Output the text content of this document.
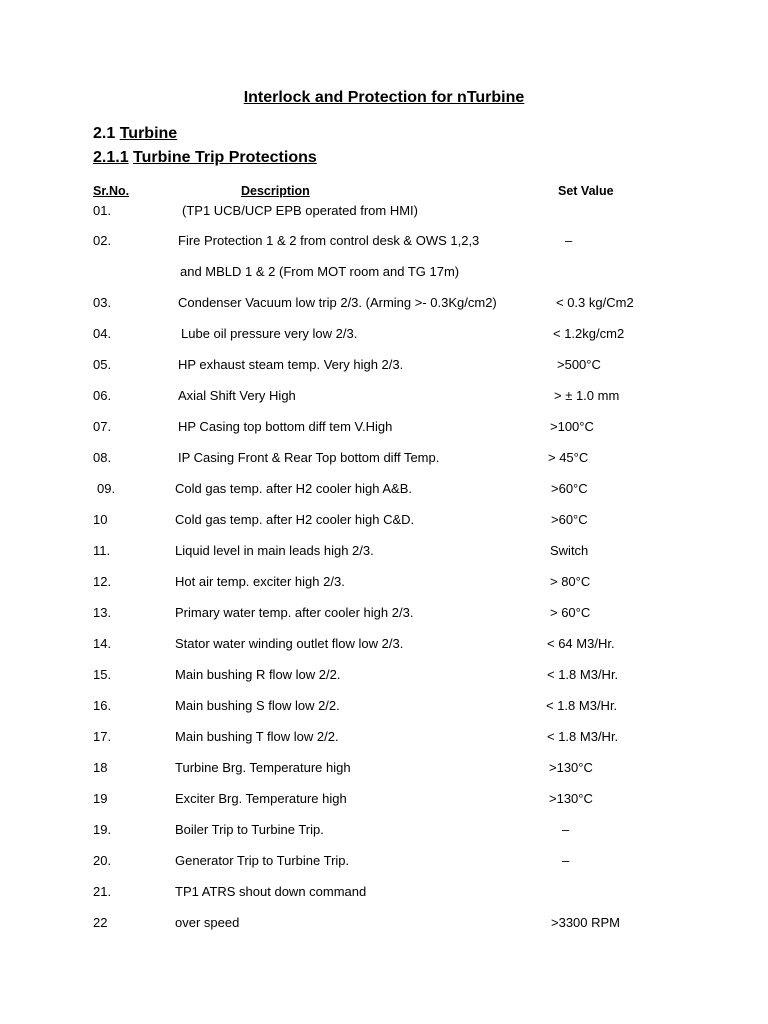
Interlock and Protection for nTurbine
2.1 Turbine
2.1.1 Turbine Trip Protections
Sr.No.	Description	Set Value
01.	(TP1 UCB/UCP EPB operated from HMI)
02.	Fire Protection 1 & 2 from control desk & OWS 1,2,3	–
and MBLD 1 & 2 (From MOT room and TG 17m)
03.	Condenser Vacuum low trip 2/3. (Arming >- 0.3Kg/cm2)	< 0.3 kg/Cm2
04.	Lube oil pressure very low 2/3.	< 1.2kg/cm2
05.	HP exhaust steam temp. Very high 2/3.	>500°C
06.	Axial Shift Very High	> ± 1.0 mm
07.	HP Casing top bottom diff tem V.High	>100°C
08.	IP Casing Front & Rear Top bottom diff Temp.	> 45°C
09.	Cold gas temp. after H2 cooler high A&B.	>60°C
10	Cold gas temp. after H2 cooler high C&D.	>60°C
11.	Liquid level in main leads high 2/3.	Switch
12.	Hot air temp. exciter high 2/3.	> 80°C
13.	Primary water temp. after cooler high 2/3.	> 60°C
14.	Stator water winding outlet flow low 2/3.	< 64 M3/Hr.
15.	Main bushing R flow low 2/2.	< 1.8 M3/Hr.
16.	Main bushing S flow low 2/2.	< 1.8 M3/Hr.
17.	Main bushing T flow low 2/2.	< 1.8 M3/Hr.
18	Turbine Brg. Temperature high	>130°C
19	Exciter Brg. Temperature high	>130°C
19.	Boiler Trip to Turbine Trip.	–
20.	Generator Trip to Turbine Trip.	–
21.	TP1 ATRS shout down command
22	over speed	>3300 RPM
